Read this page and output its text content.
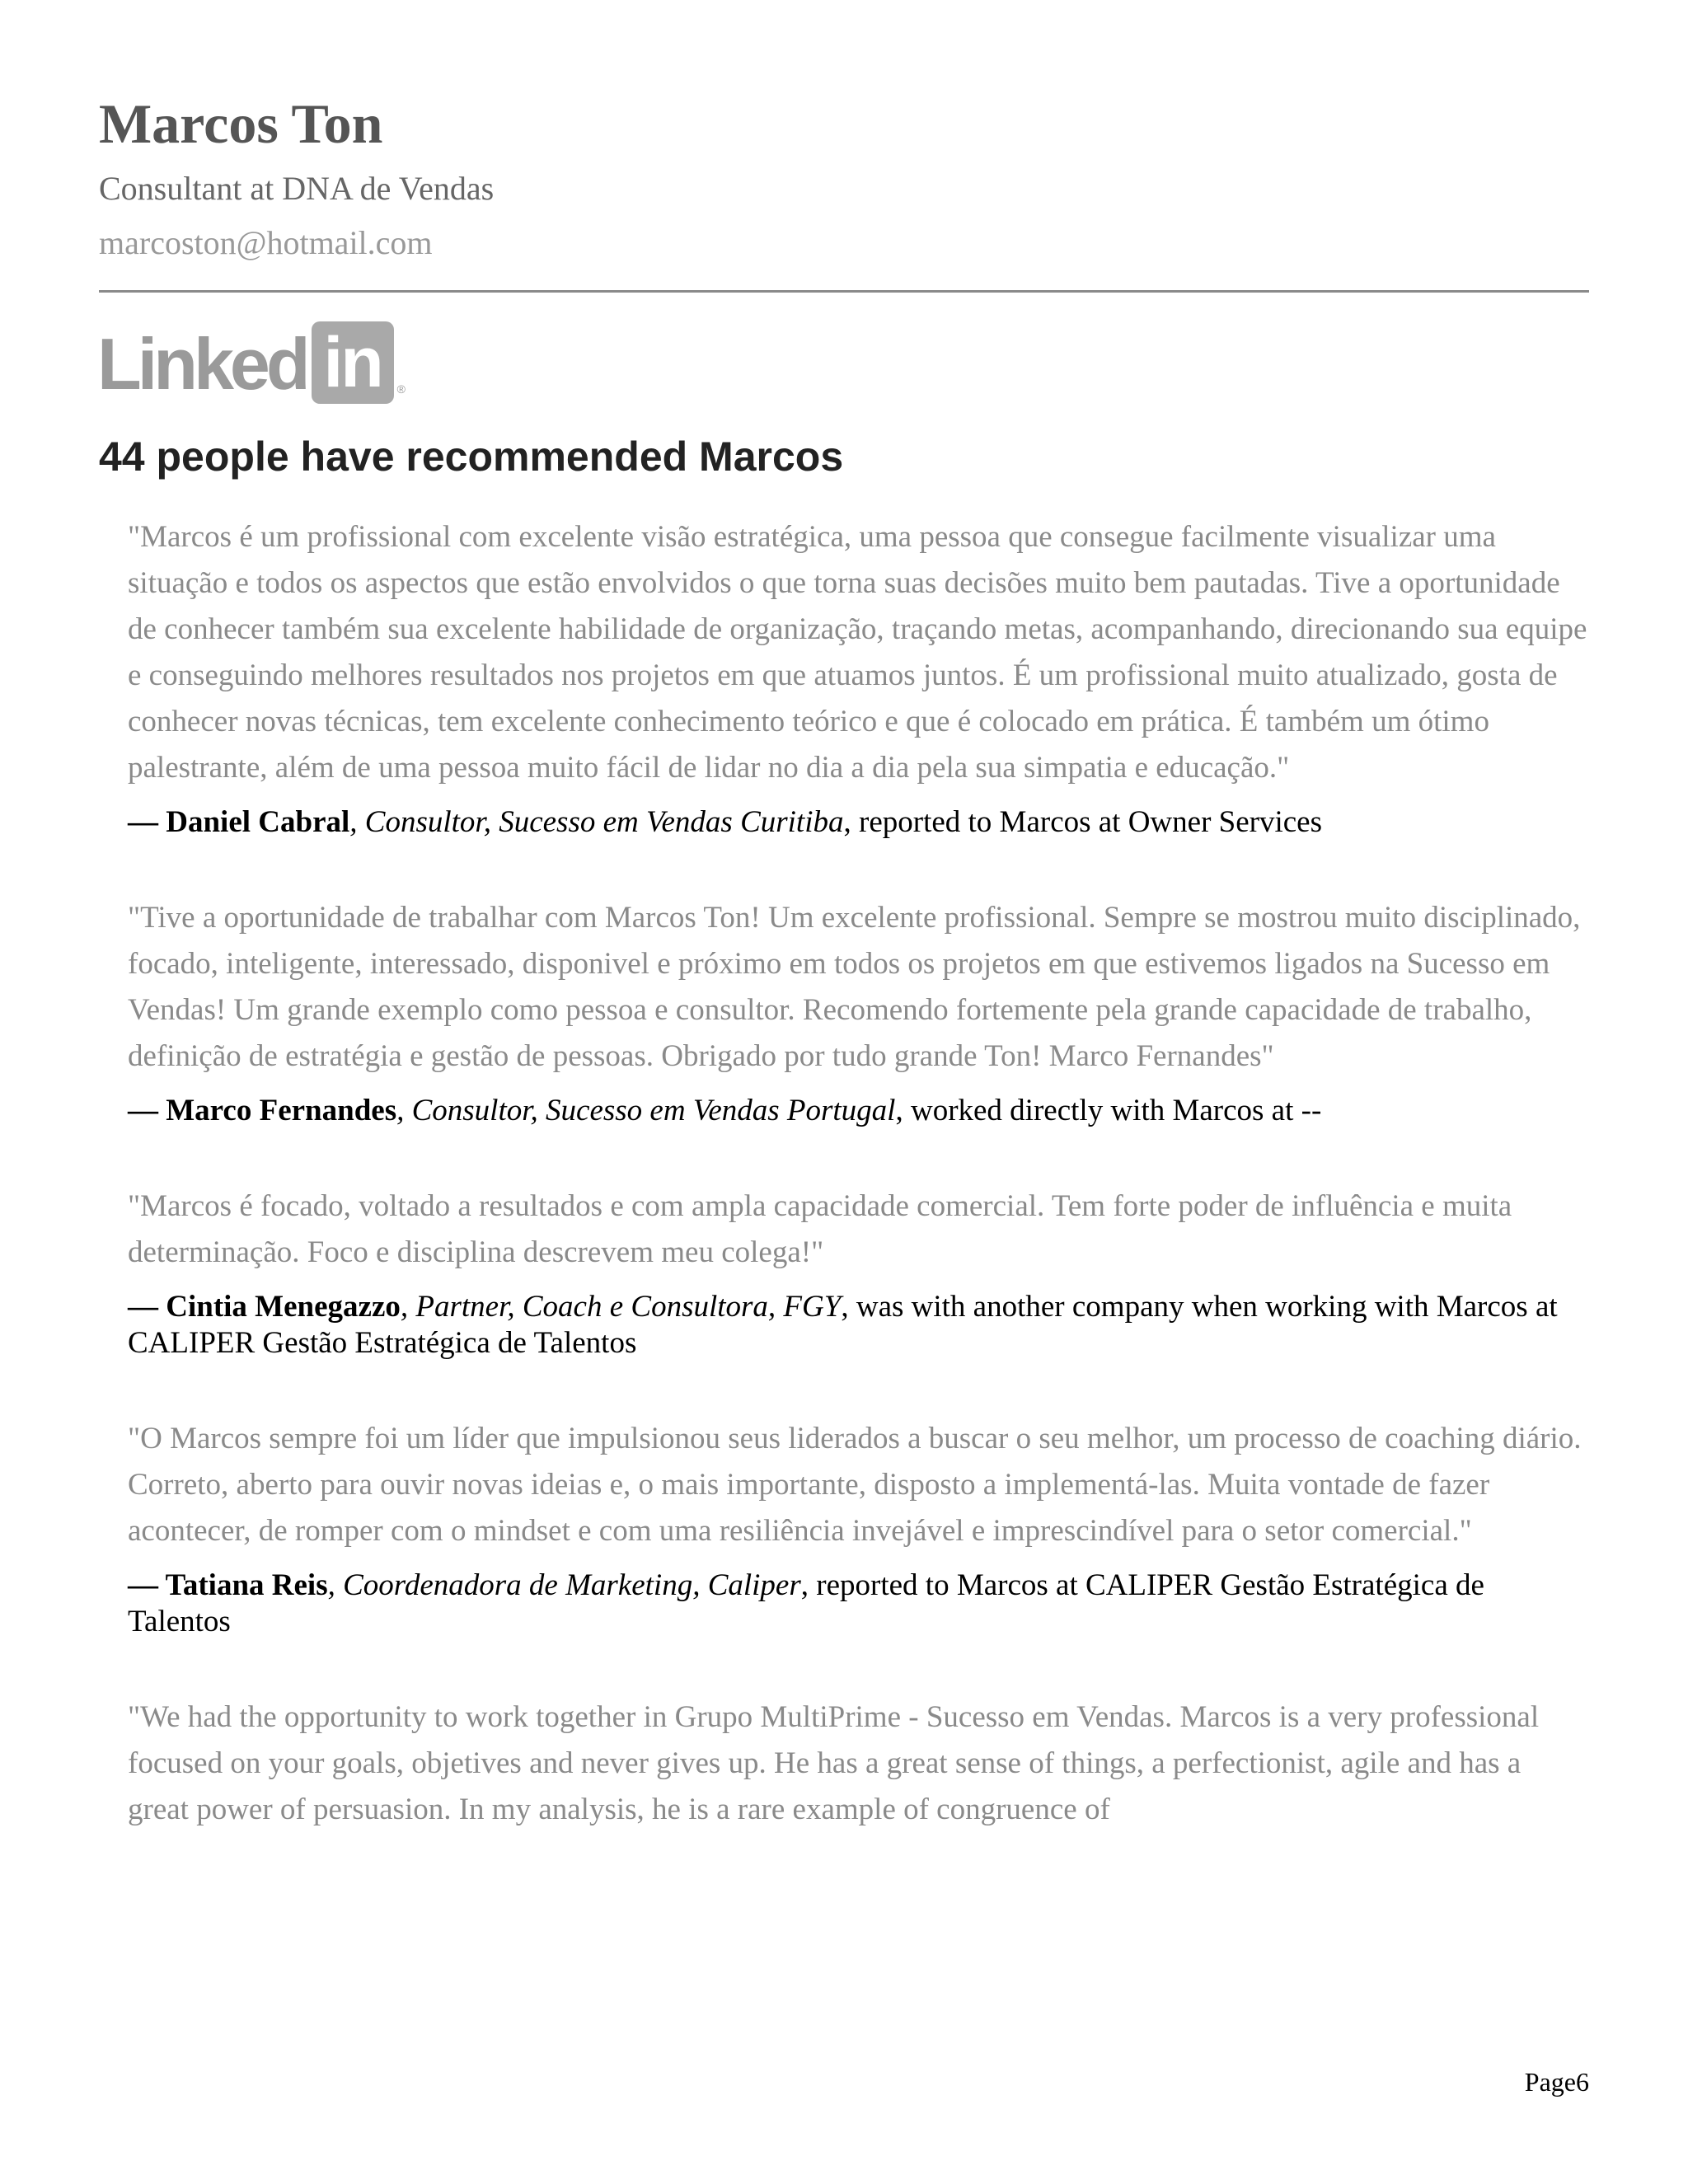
Marcos Ton
Consultant at DNA de Vendas
marcoston@hotmail.com
Linked in	®
44 people have recommended Marcos

"Marcos é um profissional com excelente visão estratégica, uma pessoa que consegue facilmente visualizar uma situação e todos os aspectos que estão envolvidos o que torna suas decisões muito bem pautadas. Tive a oportunidade de conhecer também sua excelente habilidade de organização, traçando metas, acompanhando, direcionando sua equipe e conseguindo melhores resultados nos projetos em que atuamos juntos. É um profissional muito atualizado, gosta de conhecer novas técnicas, tem excelente conhecimento teórico e que é colocado em prática. É também um ótimo palestrante, além de uma pessoa muito fácil de lidar no dia a dia pela sua simpatia e educação."

— Daniel Cabral, Consultor, Sucesso em Vendas Curitiba, reported to Marcos at Owner Services

"Tive a oportunidade de trabalhar com Marcos Ton! Um excelente profissional. Sempre se mostrou muito disciplinado, focado, inteligente, interessado, disponivel e próximo em todos os projetos em que estivemos ligados na Sucesso em Vendas! Um grande exemplo como pessoa e consultor. Recomendo fortemente pela grande capacidade de trabalho, definição de estratégia e gestão de pessoas. Obrigado por tudo grande Ton! Marco Fernandes"

— Marco Fernandes, Consultor, Sucesso em Vendas Portugal, worked directly with Marcos at --

"Marcos é focado, voltado a resultados e com ampla capacidade comercial. Tem forte poder de influência e muita determinação. Foco e disciplina descrevem meu colega!"

— Cintia Menegazzo, Partner, Coach e Consultora, FGY, was with another company when working with Marcos at CALIPER Gestão Estratégica de Talentos

"O Marcos sempre foi um líder que impulsionou seus liderados a buscar o seu melhor, um processo de coaching diário. Correto, aberto para ouvir novas ideias e, o mais importante, disposto a implementá-las. Muita vontade de fazer acontecer, de romper com o mindset e com uma resiliência invejável e imprescindível para o setor comercial."

— Tatiana Reis, Coordenadora de Marketing, Caliper, reported to Marcos at CALIPER Gestão Estratégica de Talentos

"We had the opportunity to work together in Grupo MultiPrime - Sucesso em Vendas. Marcos is a very professional focused on your goals, objetives and never gives up. He has a great sense of things, a perfectionist, agile and has a great power of persuasion. In my analysis, he is a rare example of congruence of

Page6
